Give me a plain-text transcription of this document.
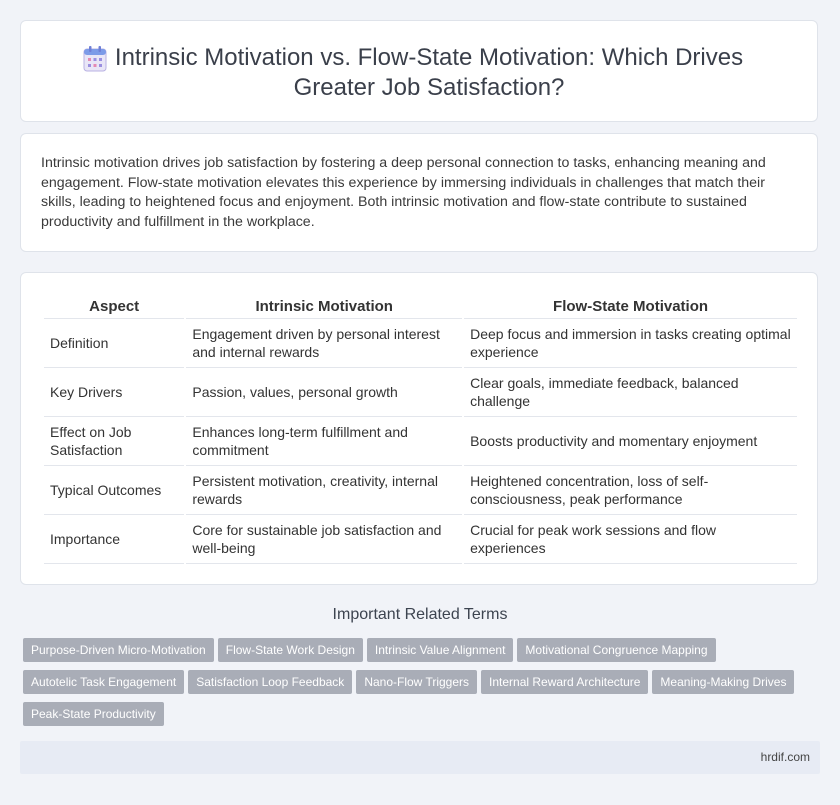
Intrinsic Motivation vs. Flow-State Motivation: Which Drives Greater Job Satisfaction?

Intrinsic motivation drives job satisfaction by fostering a deep personal connection to tasks, enhancing meaning and engagement. Flow-state motivation elevates this experience by immersing individuals in challenges that match their skills, leading to heightened focus and enjoyment. Both intrinsic motivation and flow-state contribute to sustained productivity and fulfillment in the workplace.

Aspect	Intrinsic Motivation	Flow-State Motivation
Definition	Engagement driven by personal interest and internal rewards	Deep focus and immersion in tasks creating optimal experience
Key Drivers	Passion, values, personal growth	Clear goals, immediate feedback, balanced challenge
Effect on Job Satisfaction	Enhances long-term fulfillment and commitment	Boosts productivity and momentary enjoyment
Typical Outcomes	Persistent motivation, creativity, internal rewards	Heightened concentration, loss of self-consciousness, peak performance
Importance	Core for sustainable job satisfaction and well-being	Crucial for peak work sessions and flow experiences
Important Related Terms
Purpose-Driven Micro-Motivation Flow-State Work Design Intrinsic Value Alignment Motivational Congruence Mapping
Autotelic Task Engagement Satisfaction Loop Feedback Nano-Flow Triggers Internal Reward Architecture Meaning-Making Drives
Peak-State Productivity
hrdif.com
